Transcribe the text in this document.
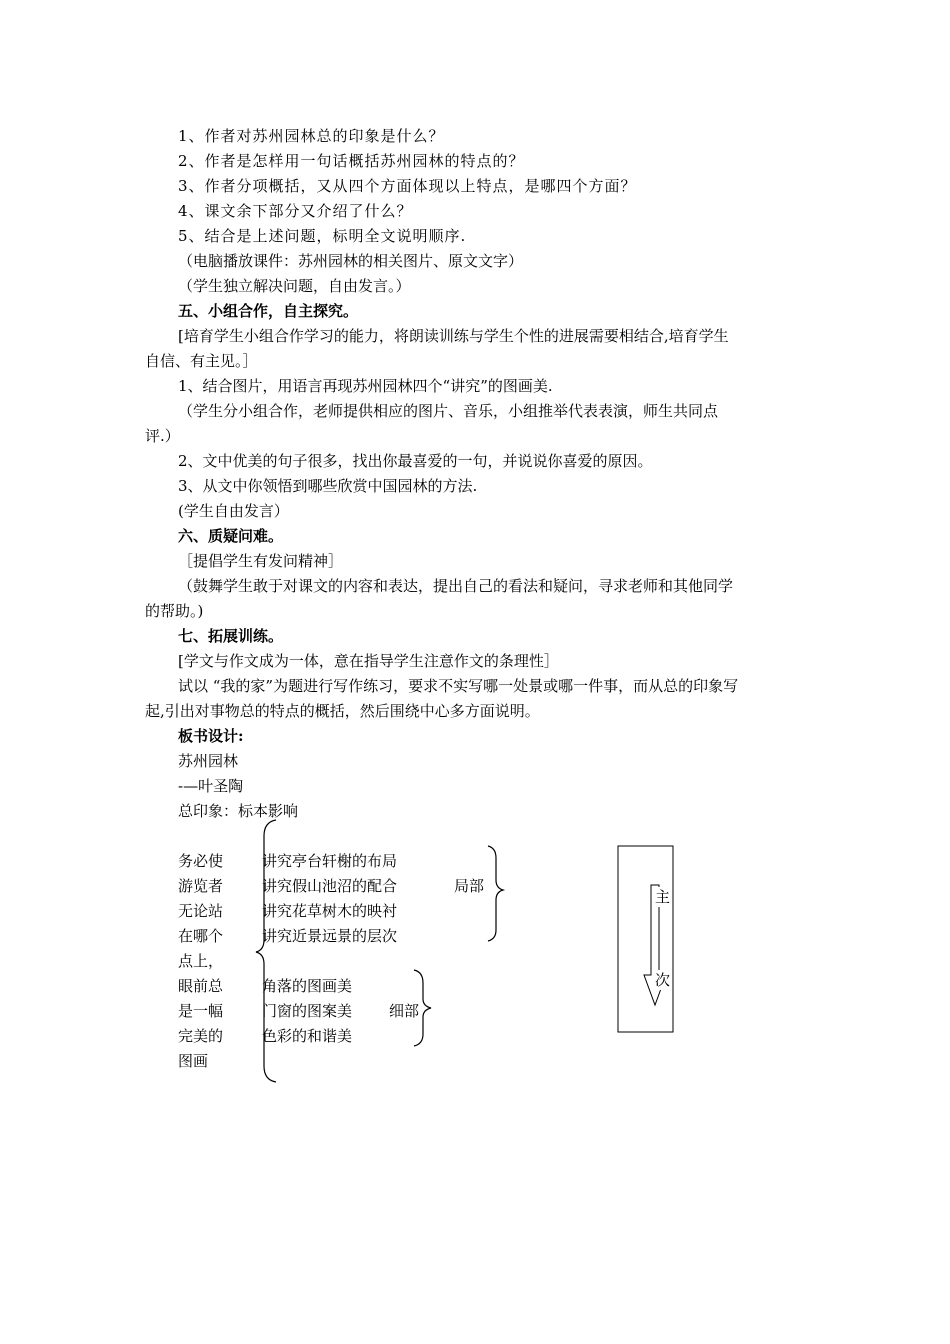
1、作者对苏州园林总的印象是什么？
2、作者是怎样用一句话概括苏州园林的特点的？
3、作者分项概括，又从四个方面体现以上特点，是哪四个方面？
4、课文余下部分又介绍了什么？
5、结合是上述问题，标明全文说明顺序.
（电脑播放课件：苏州园林的相关图片、原文文字）
（学生独立解决问题，自由发言。）
五、小组合作，自主探究。
[培育学生小组合作学习的能力，将朗读训练与学生个性的进展需要相结合,培育学生
自信、有主见。］
1、结合图片，用语言再现苏州园林四个“讲究”的图画美.
（学生分小组合作，老师提供相应的图片、音乐，小组推举代表表演，师生共同点
评.）
2、文中优美的句子很多，找出你最喜爱的一句，并说说你喜爱的原因。
3、从文中你领悟到哪些欣赏中国园林的方法.
(学生自由发言）
六、质疑问难。
［提倡学生有发问精神］
（鼓舞学生敢于对课文的内容和表达，提出自己的看法和疑问，寻求老师和其他同学
的帮助。)
七、拓展训练。
[学文与作文成为一体，意在指导学生注意作文的条理性］
试以 “我的家”为题进行写作练习，要求不实写哪一处景或哪一件事，而从总的印象写
起,引出对事物总的特点的概括，然后围绕中心多方面说明。
板书设计:
苏州园林
-—叶圣陶
总印象：标本影响
务必使
游览者
无论站
在哪个
点上，
眼前总
是一幅
完美的
图画
讲究亭台轩榭的布局
讲究假山池沼的配合
讲究花草树木的映衬
讲究近景远景的层次
局部
角落的图画美
门窗的图案美
色彩的和谐美
细部
主
次
